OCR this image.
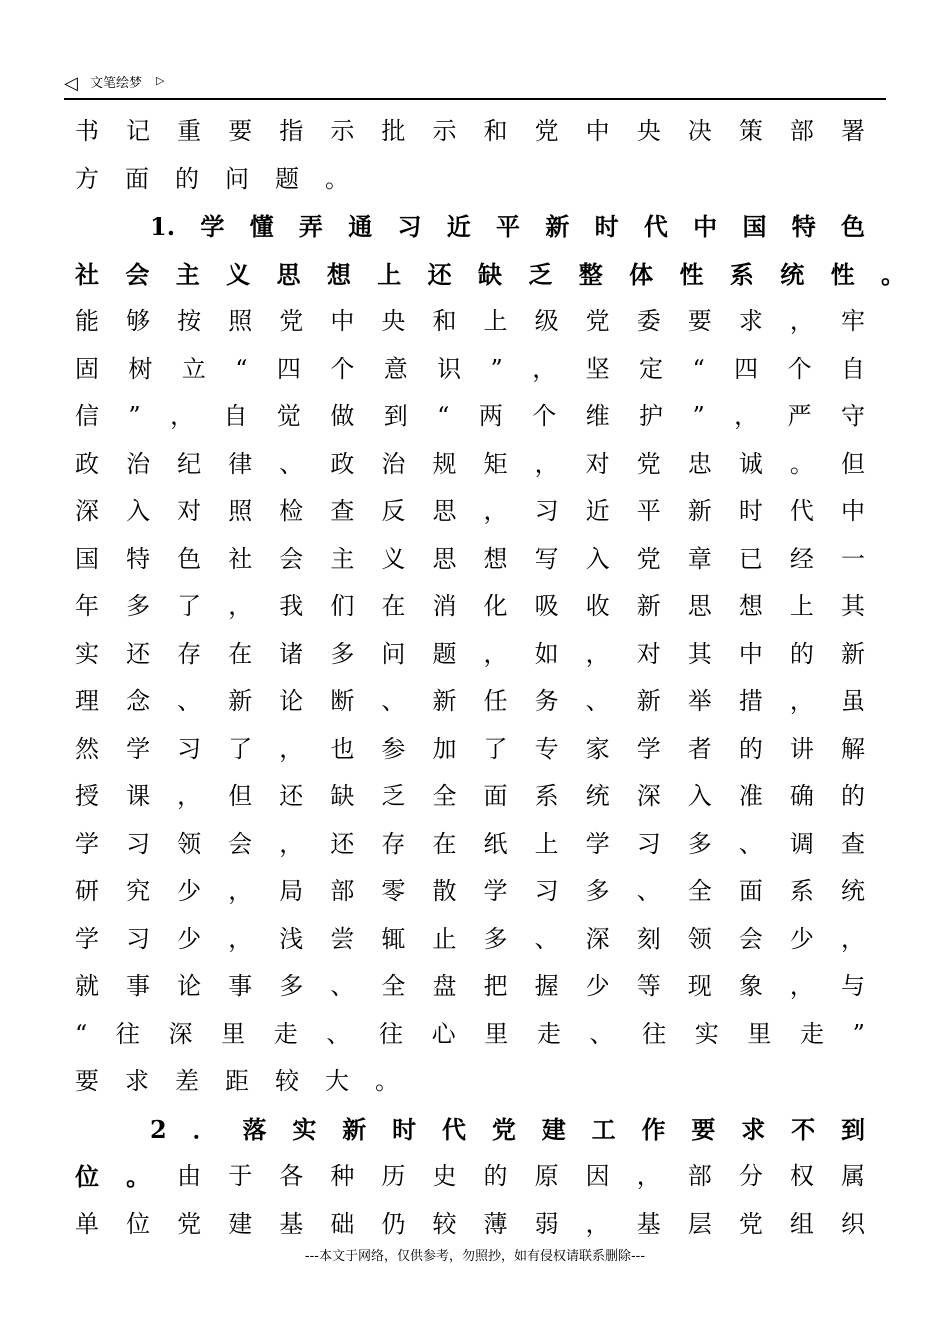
◁ 文笔绘梦 ▷
书 记 重 要 指 示 批 示 和 党 中 央 决 策 部 署
方 面 的 问 题 。
1. 学 懂 弄 通 习 近 平 新 时 代 中 国 特 色
社 会 主 义 思 想 上 还 缺 乏 整 体 性 系 统 性 。
能 够 按 照 党 中 央 和 上 级 党 委 要 求 ， 牢
固 树 立 “ 四 个 意 识 ” ， 坚 定 “ 四 个 自
信 ” ， 自 觉 做 到 “ 两 个 维 护 ” ， 严 守
政 治 纪 律 、 政 治 规 矩 ， 对 党 忠 诚 。 但
深 入 对 照 检 查 反 思 ， 习 近 平 新 时 代 中
国 特 色 社 会 主 义 思 想 写 入 党 章 已 经 一
年 多 了 ， 我 们 在 消 化 吸 收 新 思 想 上 其
实 还 存 在 诸 多 问 题 ， 如 ， 对 其 中 的 新
理 念 、 新 论 断 、 新 任 务 、 新 举 措 ， 虽
然 学 习 了 ， 也 参 加 了 专 家 学 者 的 讲 解
授 课 ， 但 还 缺 乏 全 面 系 统 深 入 准 确 的
学 习 领 会 ， 还 存 在 纸 上 学 习 多 、 调 查
研 究 少 ， 局 部 零 散 学 习 多 、 全 面 系 统
学 习 少 ， 浅 尝 辄 止 多 、 深 刻 领 会 少 ，
就 事 论 事 多 、 全 盘 把 握 少 等 现 象 ， 与
“ 往 深 里 走 、 往 心 里 走 、 往 实 里 走 ”
要 求 差 距 较 大 。
2 ． 落 实 新 时 代 党 建 工 作 要 求 不 到
位 。 由 于 各 种 历 史 的 原 因 ， 部 分 权 属
单 位 党 建 基 础 仍 较 薄 弱 ， 基 层 党 组 织
---本文于网络，仅供参考，勿照抄，如有侵权请联系删除---
